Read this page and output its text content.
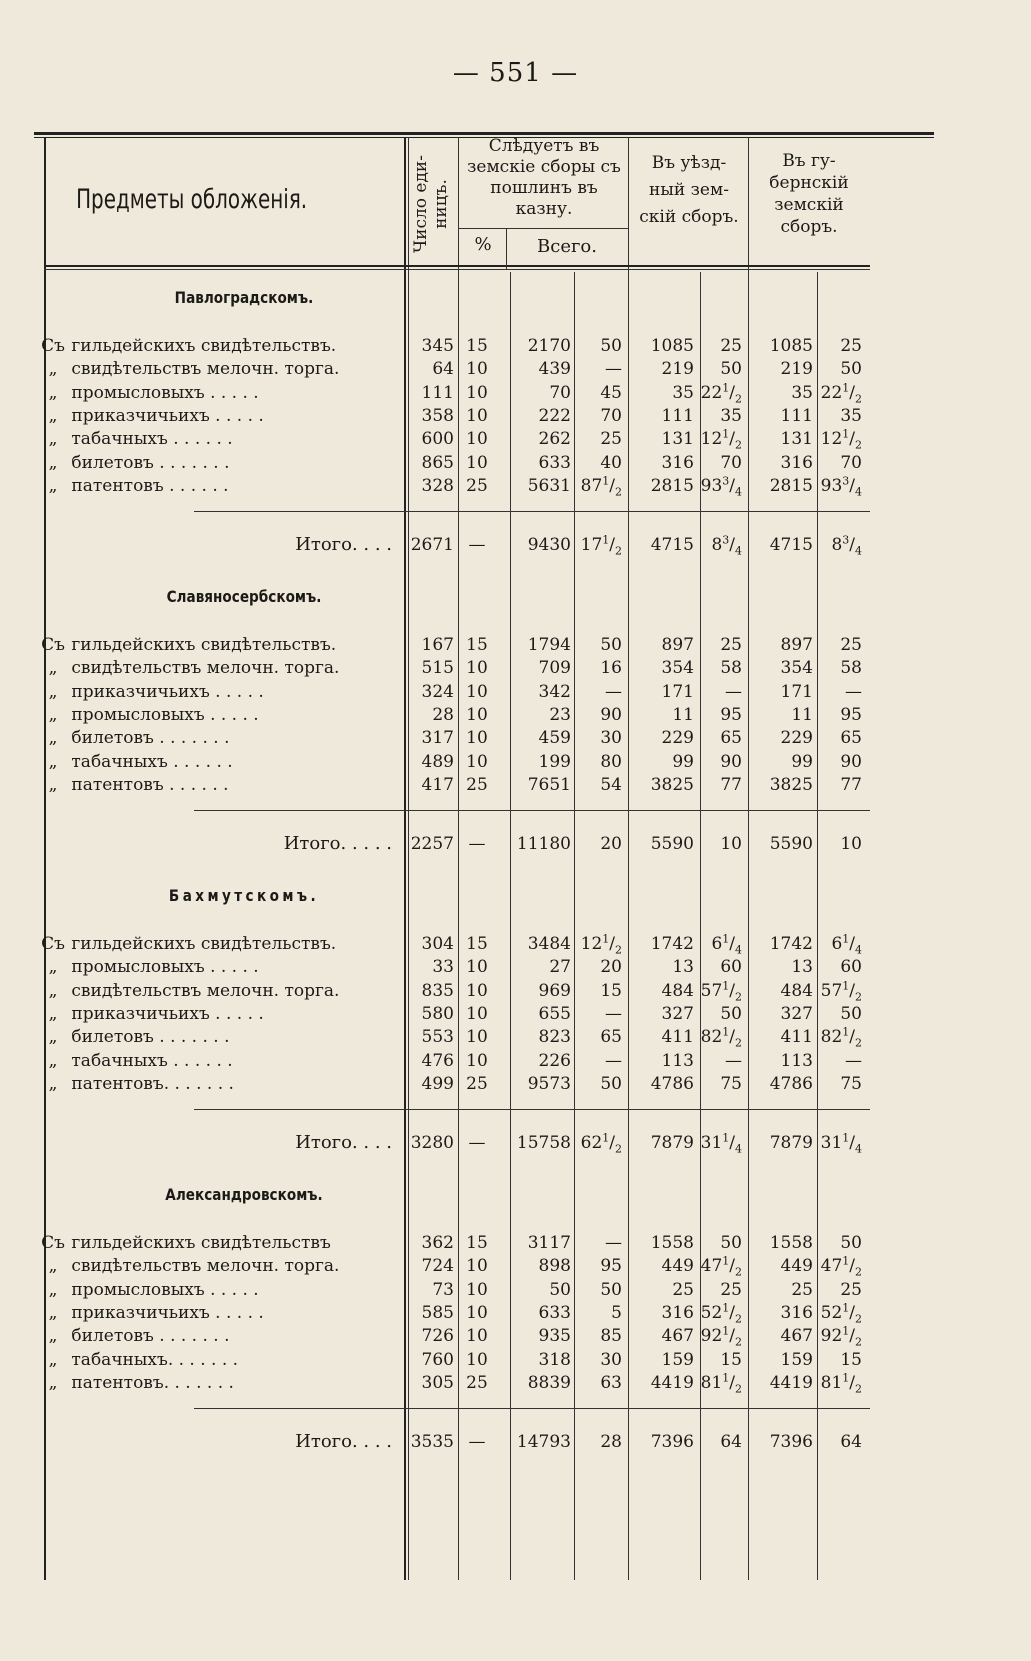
— 551 —
Предметы обложенія.	Число еди-
ницъ.
Слѣдуетъ въ
земскіе сборы съ
пошлинъ въ
казну.
%	Всего.
Въ уѣзд-
ный зем-
скій сборъ.
Въ гу-
бернскій
земскій
сборъ.
Павлоградскомъ.
Съ гильдейскихъ свидѣтельствъ.	345 15	2170	50	1085	25	1085	25
„ свидѣтельствъ мелочн. торга.	64 10	439	—	219	50	219	50
„ промысловыхъ . . . . .	111 10	70	45	35 $22^1/_2$	35 $22^1/_2$
„ приказчичьихъ . . . . .	358 10	222	70	111	35	111	35
„ табачныхъ . . . . . .	600 10	262	25	131 $12^1/_2$	131 $12^1/_2$
„ билетовъ . . . . . . .	865 10	633	40	316	70	316	70
„ патентовъ . . . . . .	328 25	5631 $87^1/_2$	2815 $93^3/_4$	2815 $93^3/_4$
Итого. . . .	2671 —	9430 $17^1/_2$	4715	$8^3/_4$	4715	$8^3/_4$
Славяносербскомъ.
Съ гильдейскихъ свидѣтельствъ.	167 15	1794	50	897	25	897	25
„ свидѣтельствъ мелочн. торга.	515 10	709	16	354	58	354	58
„ приказчичьихъ . . . . .	324 10	342	—	171	—	171	—
„ промысловыхъ . . . . .	28 10	23	90	11	95	11	95
„ билетовъ . . . . . . .	317 10	459	30	229	65	229	65
„ табачныхъ . . . . . .	489 10	199	80	99	90	99	90
„ патентовъ . . . . . .	417 25	7651	54	3825	77	3825	77
Итого. . . . .	2257 —	11180	20	5590	10	5590	10
Бахмутскомъ.
Съ гильдейскихъ свидѣтельствъ.	304 15	3484 $12^1/_2$	1742	$6^1/_4$	1742	$6^1/_4$
„ промысловыхъ . . . . .	33 10	27	20	13	60	13	60
„ свидѣтельствъ мелочн. торга.	835 10	969	15	484 $57^1/_2$	484 $57^1/_2$
„ приказчичьихъ . . . . .	580 10	655	—	327	50	327	50
„ билетовъ . . . . . . .	553 10	823	65	411 $82^1/_2$	411 $82^1/_2$
„ табачныхъ . . . . . .	476 10	226	—	113	—	113	—
„ патентовъ. . . . . . .	499 25	9573	50	4786	75	4786	75
Итого. . . .	3280 —	15758 $62^1/_2$	7879 $31^1/_4$	7879 $31^1/_4$
Александровскомъ.
Съ гильдейскихъ свидѣтельствъ	362 15	3117	—	1558	50	1558	50
„ свидѣтельствъ мелочн. торга.	724 10	898	95	449 $47^1/_2$	449 $47^1/_2$
„ промысловыхъ . . . . .	73 10	50	50	25	25	25	25
„ приказчичьихъ . . . . .	585 10	633	5	316 $52^1/_2$	316 $52^1/_2$
„ билетовъ . . . . . . .	726 10	935	85	467 $92^1/_2$	467 $92^1/_2$
„ табачныхъ. . . . . . .	760 10	318	30	159	15	159	15
„ патентовъ. . . . . . .	305 25	8839	63	4419 $81^1/_2$	4419 $81^1/_2$
Итого. . . .	3535 —	14793	28	7396	64	7396	64
